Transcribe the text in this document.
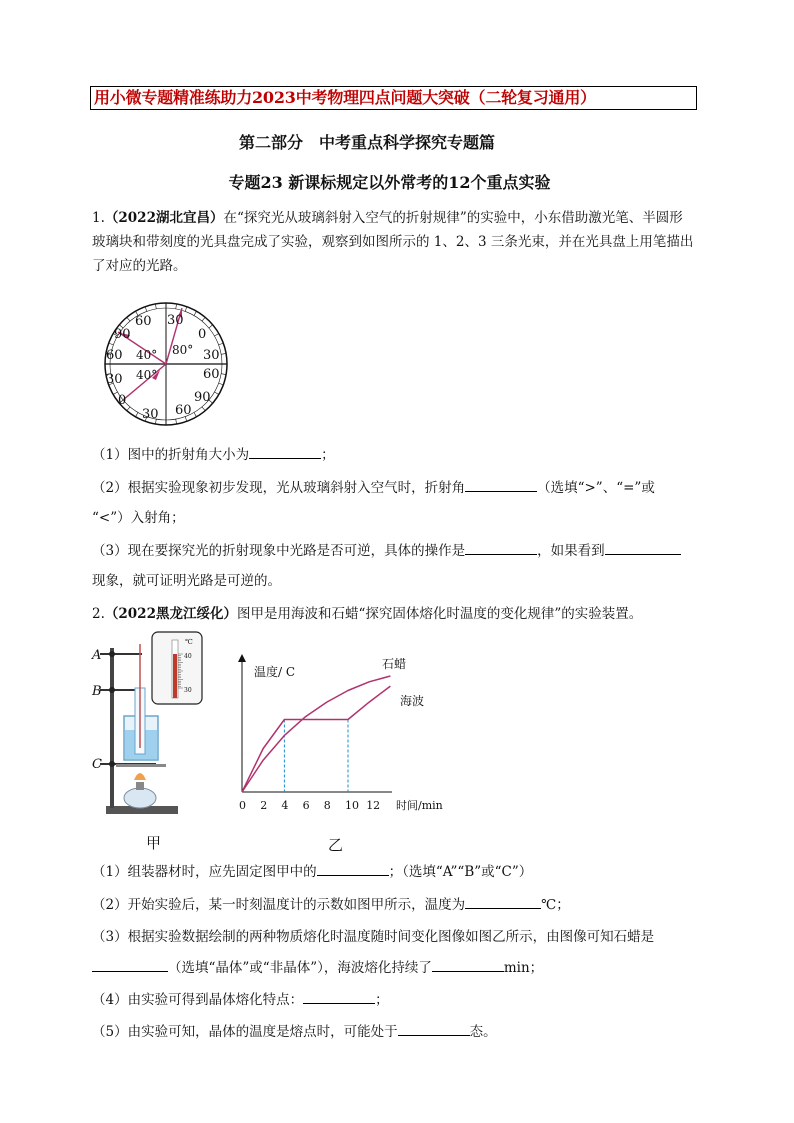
用小微专题精准练助力2023中考物理四点问题大突破（二轮复习通用）
第二部分　中考重点科学探究专题篇
专题23 新课标规定以外常考的12个重点实验
1.（2022湖北宜昌）在“探究光从玻璃斜射入空气的折射规律”的实验中，小东借助激光笔、半圆形
玻璃块和带刻度的光具盘完成了实验，观察到如图所示的 1、2、3 三条光束，并在光具盘上用笔描出
了对应的光路。
60 30
0
90
60
30
0
30 60
30
60
90
40° 80°
40°
（1）图中的折射角大小为	；
（2）根据实验现象初步发现，光从玻璃斜射入空气时，折射角	（选填“>”、“=”或
“<”）入射角；
（3）现在要探究光的折射现象中光路是否可逆，具体的操作是	，如果看到
现象，就可证明光路是可逆的。
2.（2022黑龙江绥化）图甲是用海波和石蜡“探究固体熔化时温度的变化规律”的实验装置。
A
B
C
℃
40
30
温度/ C
时间/min
0 2 4 6 8 10 12
石蜡
海波
甲	乙
（1）组装器材时，应先固定图甲中的	；（选填“A”“B”或“C”）
（2）开始实验后，某一时刻温度计的示数如图甲所示，温度为	℃；
（3）根据实验数据绘制的两种物质熔化时温度随时间变化图像如图乙所示，由图像可知石蜡是
（选填“晶体”或“非晶体”），海波熔化持续了	min；
（4）由实验可得到晶体熔化特点：	；
（5）由实验可知，晶体的温度是熔点时，可能处于	态。
